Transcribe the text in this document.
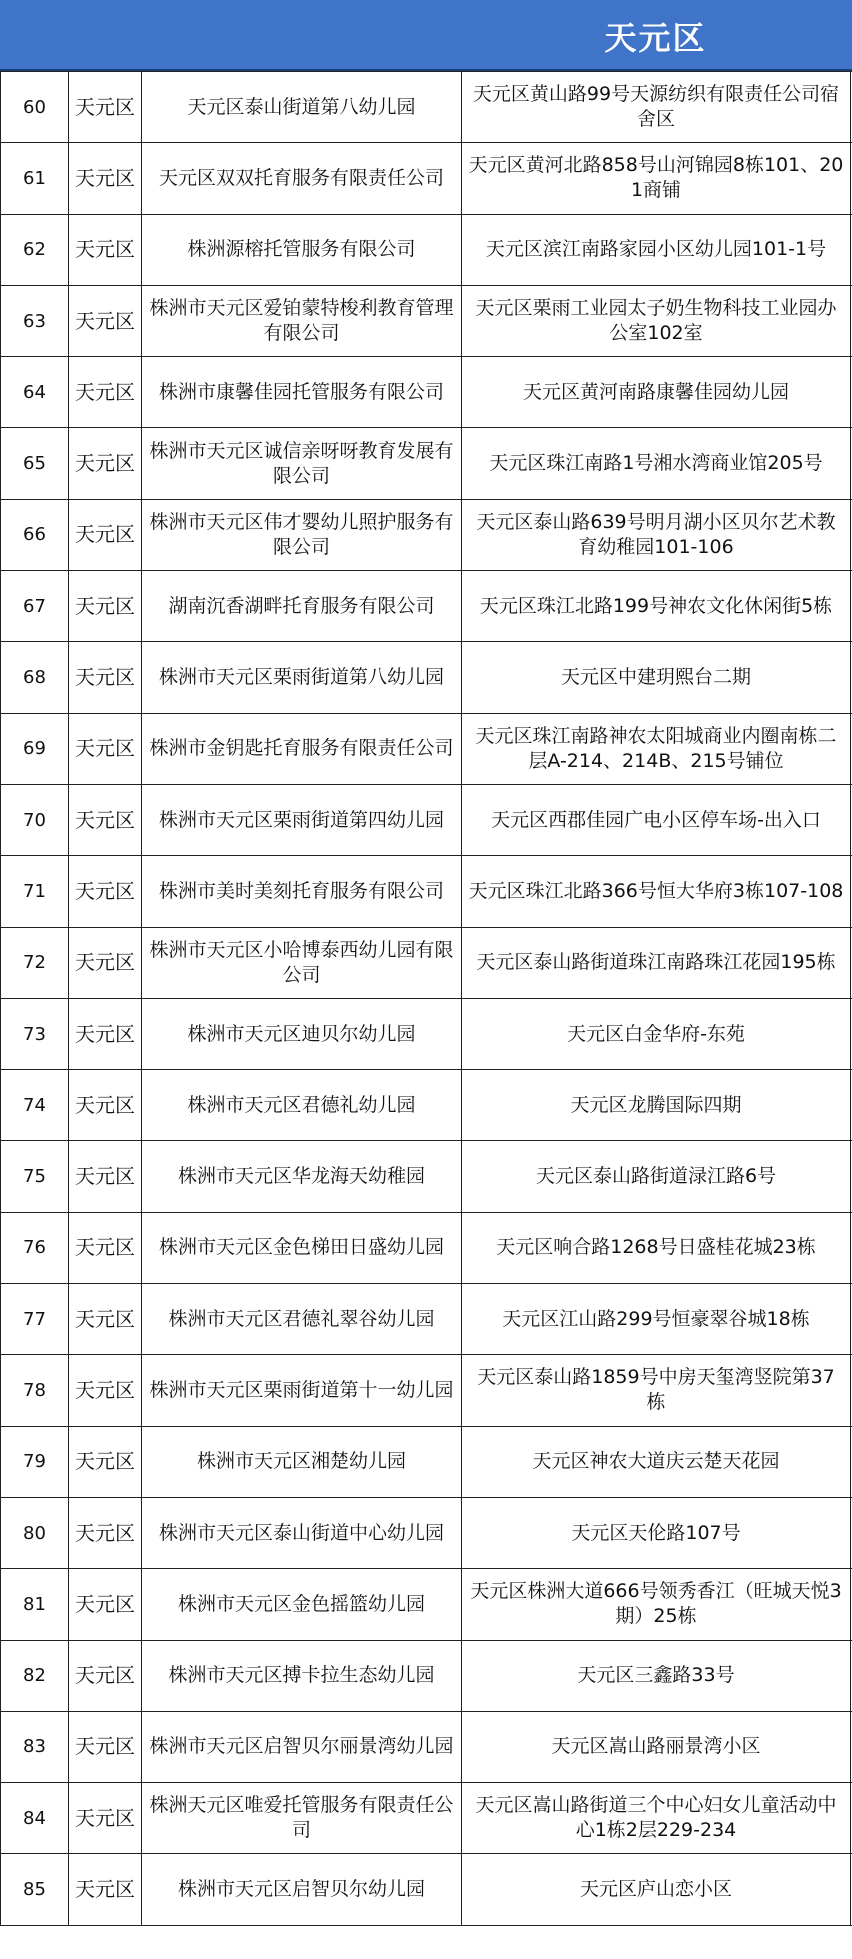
天元区
60	天元区	天元区泰山街道第八幼儿园	天元区黄山路99号天源纺织有限责任公司宿舍区	
61	天元区	天元区双双托育服务有限责任公司	天元区黄河北路858号山河锦园8栋101、201商铺	
62	天元区	株洲源榕托管服务有限公司	天元区滨江南路家园小区幼儿园101-1号	
63	天元区	株洲市天元区爱铂蒙特梭利教育管理有限公司	天元区栗雨工业园太子奶生物科技工业园办公室102室	
64	天元区	株洲市康馨佳园托管服务有限公司	天元区黄河南路康馨佳园幼儿园	
65	天元区	株洲市天元区诚信亲呀呀教育发展有限公司	天元区珠江南路1号湘水湾商业馆205号	
66	天元区	株洲市天元区伟才婴幼儿照护服务有限公司	天元区泰山路639号明月湖小区贝尔艺术教育幼稚园101-106	
67	天元区	湖南沉香湖畔托育服务有限公司	天元区珠江北路199号神农文化休闲街5栋	
68	天元区	株洲市天元区栗雨街道第八幼儿园	天元区中建玥熙台二期	
69	天元区	株洲市金钥匙托育服务有限责任公司	天元区珠江南路神农太阳城商业内圈南栋二层A-214、214B、215号铺位	
70	天元区	株洲市天元区栗雨街道第四幼儿园	天元区西郡佳园广电小区停车场-出入口	
71	天元区	株洲市美时美刻托育服务有限公司	天元区珠江北路366号恒大华府3栋107-108	
72	天元区	株洲市天元区小哈博泰西幼儿园有限公司	天元区泰山路街道珠江南路珠江花园195栋	
73	天元区	株洲市天元区迪贝尔幼儿园	天元区白金华府-东苑	
74	天元区	株洲市天元区君德礼幼儿园	天元区龙腾国际四期	
75	天元区	株洲市天元区华龙海天幼稚园	天元区泰山路街道渌江路6号	
76	天元区	株洲市天元区金色梯田日盛幼儿园	天元区响合路1268号日盛桂花城23栋	
77	天元区	株洲市天元区君德礼翠谷幼儿园	天元区江山路299号恒豪翠谷城18栋	
78	天元区	株洲市天元区栗雨街道第十一幼儿园	天元区泰山路1859号中房天玺湾竖院第37栋	
79	天元区	株洲市天元区湘楚幼儿园	天元区神农大道庆云楚天花园	
80	天元区	株洲市天元区泰山街道中心幼儿园	天元区天伦路107号	
81	天元区	株洲市天元区金色摇篮幼儿园	天元区株洲大道666号领秀香江（旺城天悦3期）25栋	
82	天元区	株洲市天元区搏卡拉生态幼儿园	天元区三鑫路33号	
83	天元区	株洲市天元区启智贝尔丽景湾幼儿园	天元区嵩山路丽景湾小区	
84	天元区	株洲天元区唯爱托管服务有限责任公司	天元区嵩山路街道三个中心妇女儿童活动中心1栋2层229-234	
85	天元区	株洲市天元区启智贝尔幼儿园	天元区庐山恋小区	
